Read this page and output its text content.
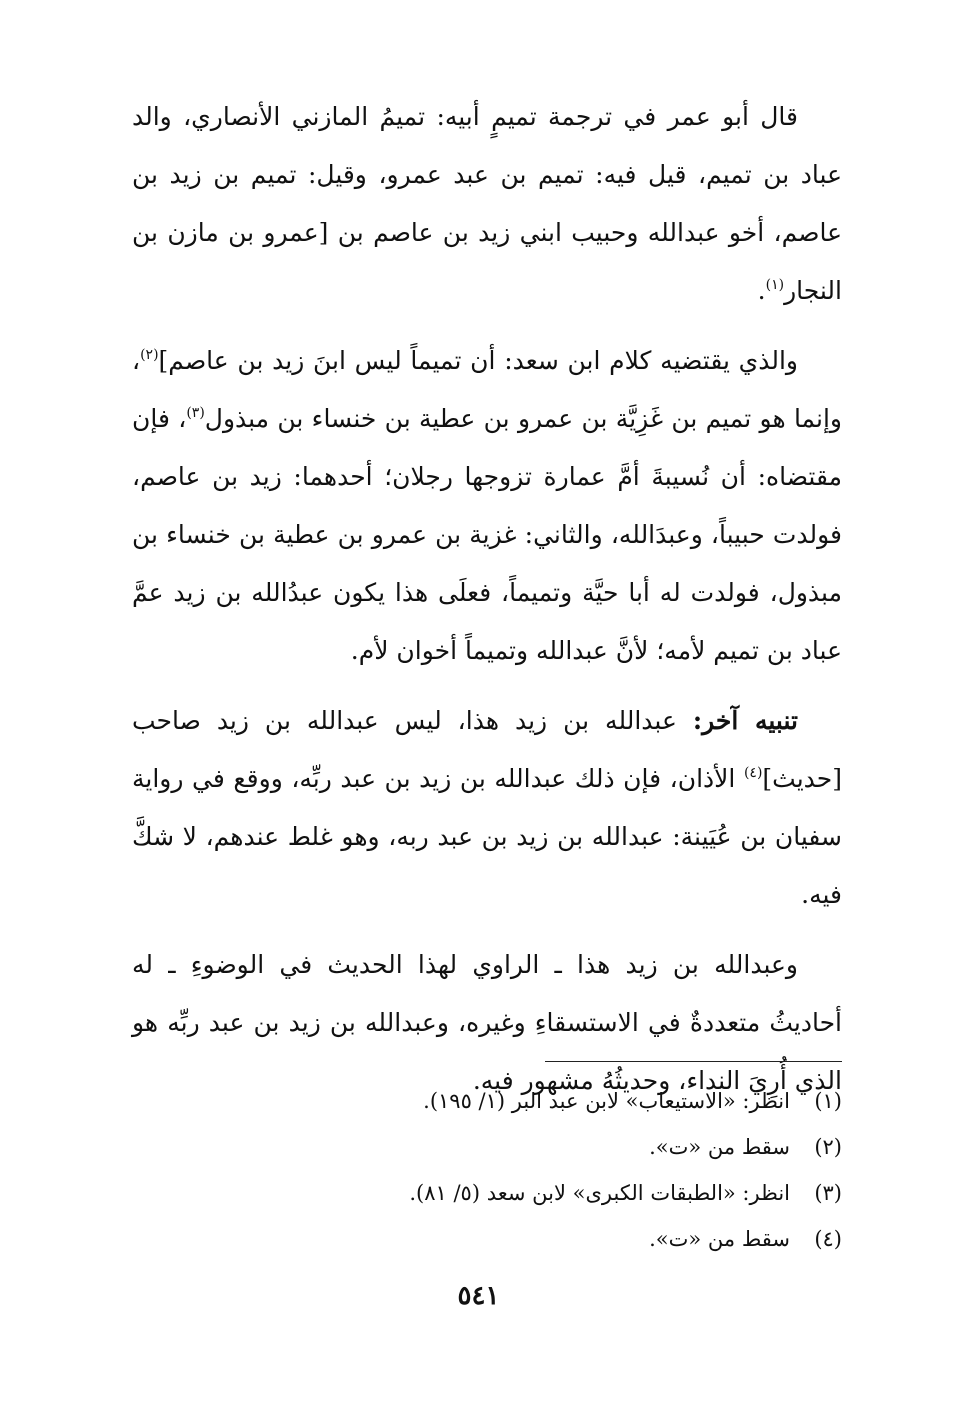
قال أبو عمر في ترجمة تميمٍ أبيه: تميمُ المازني الأنصاري، والد عباد بن تميم، قيل فيه: تميم بن عبد عمرو، وقيل: تميم بن زيد بن عاصم، أخو عبدالله وحبيب ابني زيد بن عاصم بن [عمرو بن مازن بن النجار$^{(١)}$.

والذي يقتضيه كلام ابن سعد: أن تميماً ليس ابنَ زيد بن عاصم]$^{(٢)}$، وإنما هو تميم بن غَزِيَّة بن عمرو بن عطية بن خنساء بن مبذول$^{(٣)}$، فإن مقتضاه: أن نُسيبةَ أمَّ عمارة تزوجها رجلان؛ أحدهما: زيد بن عاصم، فولدت حبيباً، وعبدَالله، والثاني: غزية بن عمرو بن عطية بن خنساء بن مبذول، فولدت له أبا حيَّة وتميماً، فعلَى هذا يكون عبدُالله بن زيد عمَّ عباد بن تميم لأمه؛ لأنَّ عبدالله وتميماً أخوان لأم.

تنبيه آخر: عبدالله بن زيد هذا، ليس عبدالله بن زيد صاحب [حديث]$^{(٤)}$ الأذان، فإن ذلك عبدالله بن زيد بن عبد ربِّه، ووقع في رواية سفيان بن عُيَينة: عبدالله بن زيد بن عبد ربه، وهو غلط عندهم، لا شكَّ فيه.

وعبدالله بن زيد هذا ـ الراوي لهذا الحديث في الوضوءِ ـ له أحاديثُ متعددةٌ في الاستسقاءِ وغيره، وعبدالله بن زيد بن عبد ربِّه هو الذي أُرِيَ النداء، وحديثُهُ مشهور فيه.

(١)
انظر: «الاستيعاب» لابن عبد البر (١/ ١٩٥).
(٢)
سقط من «ت».
(٣)
انظر: «الطبقات الكبرى» لابن سعد (٥/ ٨١).
(٤)
سقط من «ت».
٥٤١
